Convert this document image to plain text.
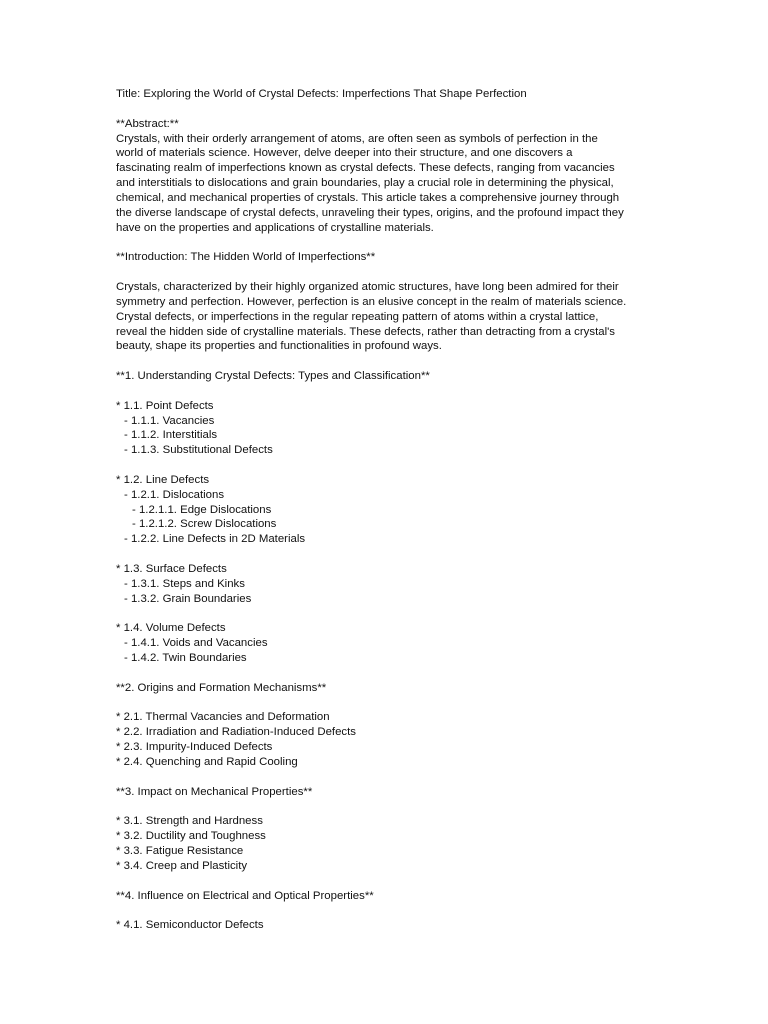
Title: Exploring the World of Crystal Defects: Imperfections That Shape Perfection

**Abstract:**

Crystals, with their orderly arrangement of atoms, are often seen as symbols of perfection in the

world of materials science. However, delve deeper into their structure, and one discovers a

fascinating realm of imperfections known as crystal defects. These defects, ranging from vacancies

and interstitials to dislocations and grain boundaries, play a crucial role in determining the physical,

chemical, and mechanical properties of crystals. This article takes a comprehensive journey through

the diverse landscape of crystal defects, unraveling their types, origins, and the profound impact they

have on the properties and applications of crystalline materials.

**Introduction: The Hidden World of Imperfections**

Crystals, characterized by their highly organized atomic structures, have long been admired for their

symmetry and perfection. However, perfection is an elusive concept in the realm of materials science.

Crystal defects, or imperfections in the regular repeating pattern of atoms within a crystal lattice,

reveal the hidden side of crystalline materials. These defects, rather than detracting from a crystal's

beauty, shape its properties and functionalities in profound ways.

**1. Understanding Crystal Defects: Types and Classification**

* 1.1. Point Defects

- 1.1.1. Vacancies

- 1.1.2. Interstitials

- 1.1.3. Substitutional Defects

* 1.2. Line Defects

- 1.2.1. Dislocations

- 1.2.1.1. Edge Dislocations

- 1.2.1.2. Screw Dislocations

- 1.2.2. Line Defects in 2D Materials

* 1.3. Surface Defects

- 1.3.1. Steps and Kinks

- 1.3.2. Grain Boundaries

* 1.4. Volume Defects

- 1.4.1. Voids and Vacancies

- 1.4.2. Twin Boundaries

**2. Origins and Formation Mechanisms**

* 2.1. Thermal Vacancies and Deformation

* 2.2. Irradiation and Radiation-Induced Defects

* 2.3. Impurity-Induced Defects

* 2.4. Quenching and Rapid Cooling

**3. Impact on Mechanical Properties**

* 3.1. Strength and Hardness

* 3.2. Ductility and Toughness

* 3.3. Fatigue Resistance

* 3.4. Creep and Plasticity

**4. Influence on Electrical and Optical Properties**

* 4.1. Semiconductor Defects
